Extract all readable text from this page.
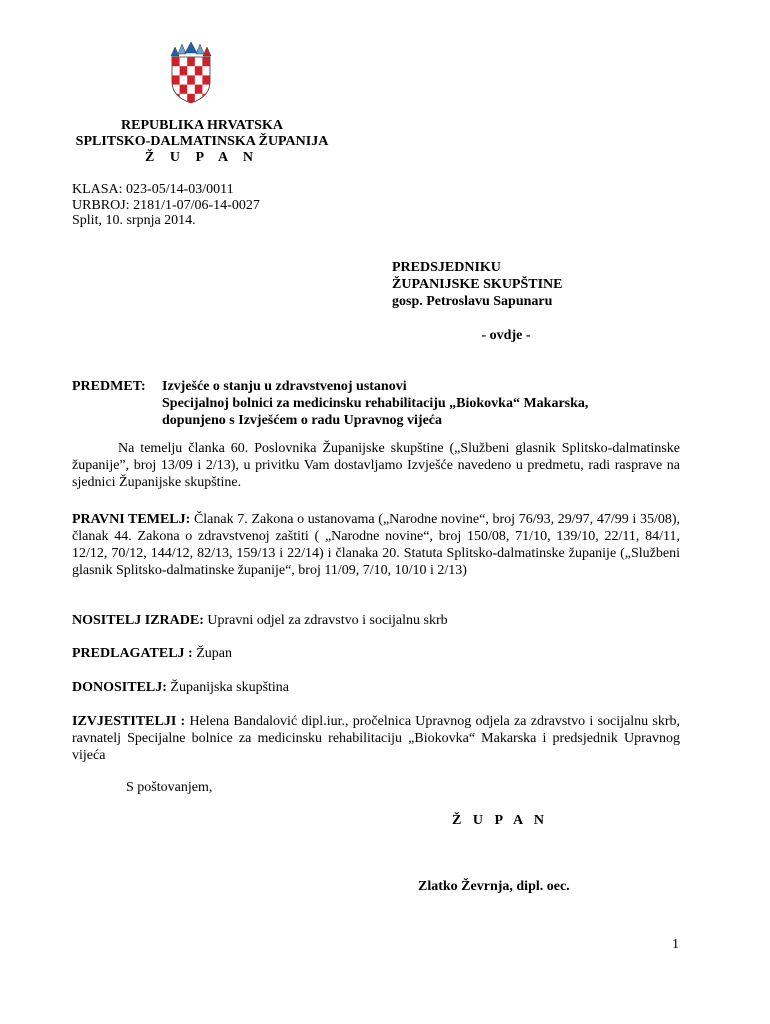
REPUBLIKA HRVATSKA
SPLITSKO-DALMATINSKA ŽUPANIJA
Ž U P A N
KLASA: 023-05/14-03/0011
URBROJ: 2181/1-07/06-14-0027
Split, 10. srpnja 2014.
PREDSJEDNIKU
ŽUPANIJSKE SKUPŠTINE
gosp. Petroslavu Sapunaru
- ovdje -
PREDMET: Izvješće o stanju u zdravstvenoj ustanovi
Specijalnoj bolnici za medicinsku rehabilitaciju „Biokovka“ Makarska,
dopunjeno s Izvješćem o radu Upravnog vijeća
Na temelju članka 60. Poslovnika Županijske skupštine („Službeni glasnik Splitsko-dalmatinske županije”, broj 13/09 i 2/13), u privitku Vam dostavljamo Izvješće navedeno u predmetu, radi rasprave na sjednici Županijske skupštine.
PRAVNI TEMELJ: Članak 7. Zakona o ustanovama („Narodne novine“, broj 76/93, 29/97, 47/99 i 35/08), članak 44. Zakona o zdravstvenoj zaštiti ( „Narodne novine“, broj 150/08, 71/10, 139/10, 22/11, 84/11, 12/12, 70/12, 144/12, 82/13, 159/13 i 22/14) i članaka 20. Statuta Splitsko-dalmatinske županije („Službeni glasnik Splitsko-dalmatinske županije“, broj 11/09, 7/10, 10/10 i 2/13)
NOSITELJ IZRADE: Upravni odjel za zdravstvo i socijalnu skrb
PREDLAGATELJ : Župan
DONOSITELJ: Županijska skupština
IZVJESTITELJI : Helena Bandalović dipl.iur., pročelnica Upravnog odjela za zdravstvo i socijalnu skrb, ravnatelj Specijalne bolnice za medicinsku rehabilitaciju „Biokovka“ Makarska i predsjednik Upravnog vijeća
S poštovanjem,
Ž U P A N
Zlatko Ževrnja, dipl. oec.
1
